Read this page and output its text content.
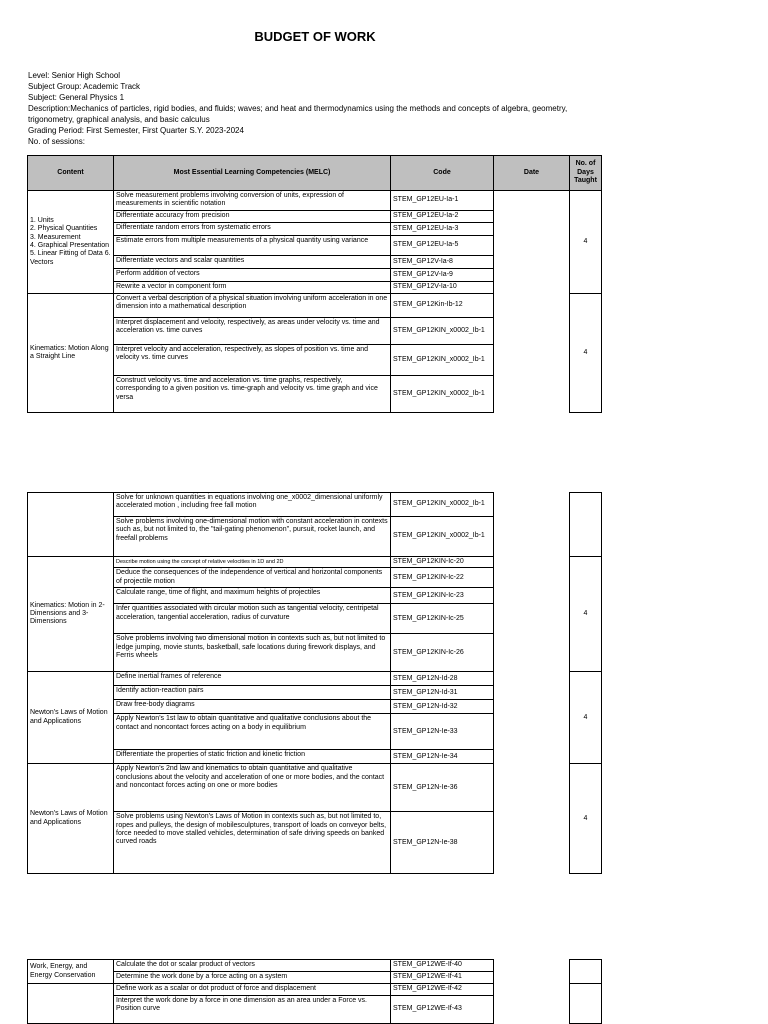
BUDGET OF WORK
Level: Senior High School
Subject Group: Academic Track
Subject: General Physics 1
Description:Mechanics of particles, rigid bodies, and fluids; waves; and heat and thermodynamics using the methods and concepts of algebra, geometry, trigonometry, graphical analysis, and basic calculus
Grading Period: First Semester, First Quarter S.Y. 2023-2024
No. of sessions:
Content	Most Essential Learning Competencies (MELC)	Code	Date	No. of Days Taught
1. Units
2. Physical Quantities
3. Measurement
4. Graphical Presentation
5. Linear Fitting of Data 6. Vectors	Solve measurement problems involving conversion of units, expression of measurements in scientific notation	STEM_GP12EU-Ia-1		4
	Differentiate accuracy from precision	STEM_GP12EU-Ia-2		
	Differentiate random errors from systematic errors	STEM_GP12EU-Ia-3		
	Estimate errors from multiple measurements of a physical quantity using variance	STEM_GP12EU-Ia-5		
	Differentiate vectors and scalar quantities	STEM_GP12V-Ia-8		
	Perform addition of vectors	STEM_GP12V-Ia-9		
	Rewrite a vector in component form	STEM_GP12V-Ia-10		
Kinematics: Motion Along a Straight Line	Convert a verbal description of a physical situation involving uniform acceleration in one dimension into a mathematical description	STEM_GP12Kin-Ib-12		4
	Interpret displacement and velocity, respectively, as areas under velocity vs. time and acceleration vs. time curves	STEM_GP12KIN_x0002_Ib-1		
	Interpret velocity and acceleration, respectively, as slopes of position vs. time and velocity vs. time curves	STEM_GP12KIN_x0002_Ib-1		
	Construct velocity vs. time and acceleration vs. time graphs, respectively, corresponding to a given position vs. time-graph and velocity vs. time graph and vice versa	STEM_GP12KIN_x0002_Ib-1		
	Solve for unknown quantities in equations involving one_x0002_dimensional uniformly accelerated motion , including free fall motion	STEM_GP12KIN_x0002_Ib-1		
	Solve problems involving one-dimensional motion with constant acceleration in contexts such as, but not limited to, the "tail-gating phenomenon", pursuit, rocket launch, and freefall problems	STEM_GP12KIN_x0002_Ib-1		
Kinematics: Motion in 2-Dimensions and 3-Dimensions	Describe motion using the concept of relative velocities in 1D and 2D	STEM_GP12KIN-Ic-20		4
	Deduce the consequences of the independence of vertical and horizontal components of projectile motion	STEM_GP12KIN-Ic-22		
	Calculate range, time of flight, and maximum heights of projectiles	STEM_GP12KIN-Ic-23		
	Infer quantities associated with circular motion such as tangential velocity, centripetal acceleration, tangential acceleration, radius of curvature	STEM_GP12KIN-Ic-25		
	Solve problems involving two dimensional motion in contexts such as, but not limited to ledge jumping, movie stunts, basketball, safe locations during firework displays, and Ferris wheels	STEM_GP12KIN-Ic-26		
Newton's Laws of Motion
and Applications	Define inertial frames of reference	STEM_GP12N-Id-28		4
	Identify action-reaction pairs	STEM_GP12N-Id-31		
	Draw free-body diagrams	STEM_GP12N-Id-32		
	Apply Newton's 1st law to obtain quantitative and qualitative conclusions about the contact and noncontact forces acting on a body in equilibrium	STEM_GP12N-Ie-33		
	Differentiate the properties of static friction and kinetic friction	STEM_GP12N-Ie-34		
Newton's Laws of Motion
and Applications	Apply Newton's 2nd law and kinematics to obtain quantitative and qualitative conclusions about the velocity and acceleration of one or more bodies, and the contact and noncontact forces acting on one or more bodies	STEM_GP12N-Ie-36		4
	Solve problems using Newton's Laws of Motion in contexts such as, but not limited to, ropes and pulleys, the design of mobilesculptures, transport of loads on conveyor belts, force needed to move stalled vehicles, determination of safe driving speeds on banked curved roads	STEM_GP12N-Ie-38		
Work, Energy, and Energy Conservation	Calculate the dot or scalar product of vectors	STEM_GP12WE-If-40		
	Determine the work done by a force acting on a system	STEM_GP12WE-If-41		
	Define work as a scalar or dot product of force and displacement	STEM_GP12WE-If-42		
	Interpret the work done by a force in one dimension as an area under a Force vs. Position curve	STEM_GP12WE-If-43		
